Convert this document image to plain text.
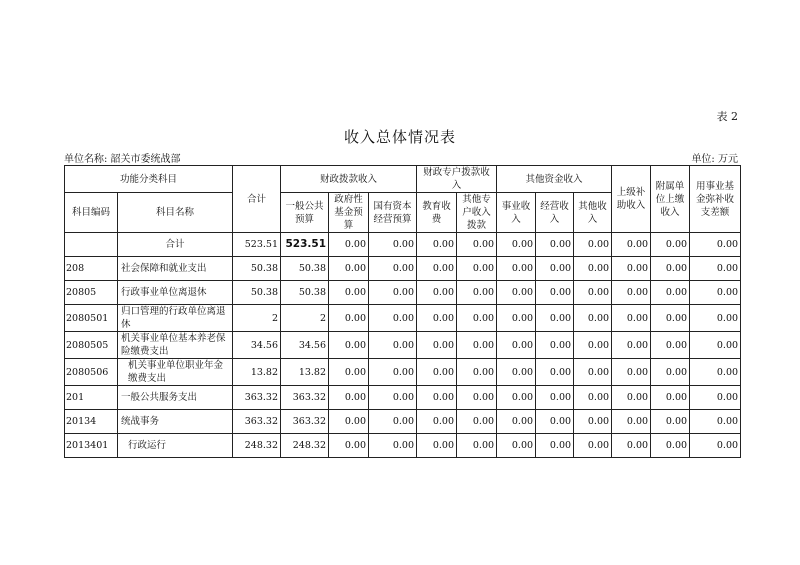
表 2
收入总体情况表
单位名称: 韶关市委统战部	单位: 万元
功能分类科目		合计	财政拨款收入			财政专户拨款收入		其他资金收入			上级补助收入	附属单位上缴收入	用事业基金弥补收支差额
科目编码	科目名称		一般公共预算	政府性基金预算	国有资本经营预算	教育收费	其他专户收入拨款	事业收入	经营收入	其他收入			
	合计	523.51	523.51	0.00	0.00	0.00	0.00	0.00	0.00	0.00	0.00	0.00	0.00
208	社会保障和就业支出	50.38	50.38	0.00	0.00	0.00	0.00	0.00	0.00	0.00	0.00	0.00	0.00
20805	行政事业单位离退休	50.38	50.38	0.00	0.00	0.00	0.00	0.00	0.00	0.00	0.00	0.00	0.00
2080501	归口管理的行政单位离退休	2	2	0.00	0.00	0.00	0.00	0.00	0.00	0.00	0.00	0.00	0.00
2080505	机关事业单位基本养老保险缴费支出	34.56	34.56	0.00	0.00	0.00	0.00	0.00	0.00	0.00	0.00	0.00	0.00
2080506	机关事业单位职业年金缴费支出	13.82	13.82	0.00	0.00	0.00	0.00	0.00	0.00	0.00	0.00	0.00	0.00
201	一般公共服务支出	363.32	363.32	0.00	0.00	0.00	0.00	0.00	0.00	0.00	0.00	0.00	0.00
20134	统战事务	363.32	363.32	0.00	0.00	0.00	0.00	0.00	0.00	0.00	0.00	0.00	0.00
2013401	行政运行	248.32	248.32	0.00	0.00	0.00	0.00	0.00	0.00	0.00	0.00	0.00	0.00
